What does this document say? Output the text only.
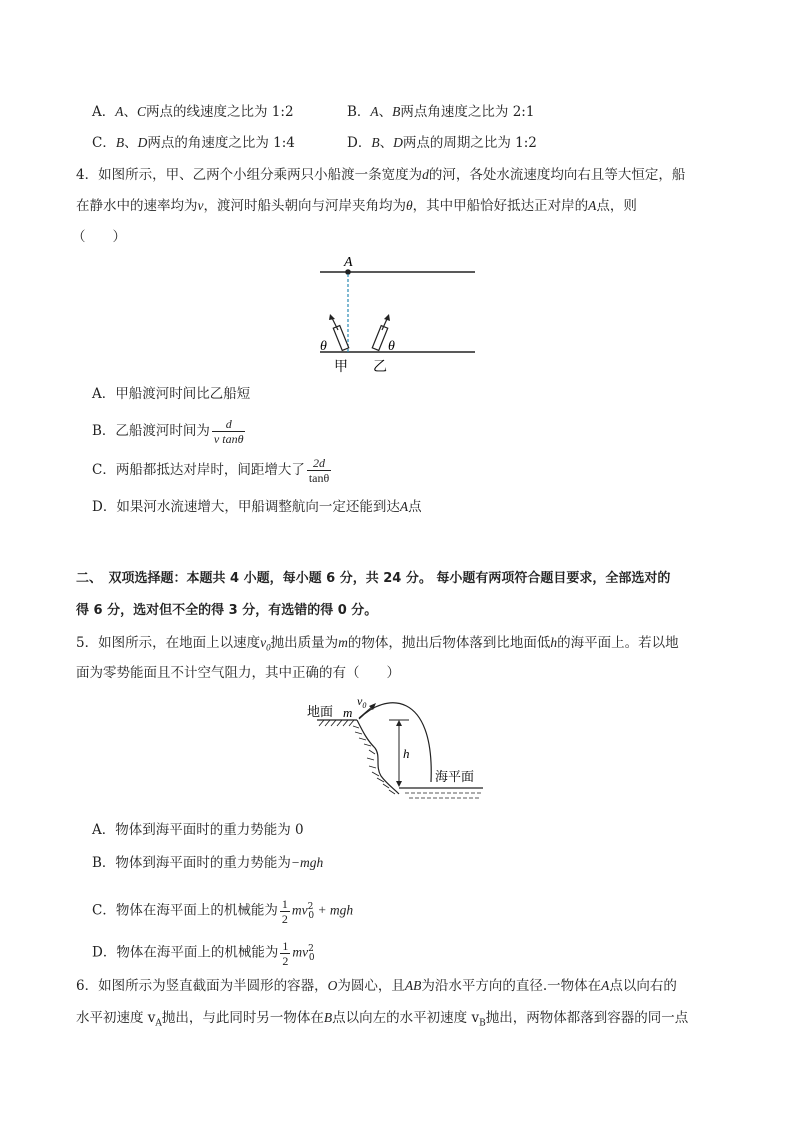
A．A、C两点的线速度之比为 1:2	B．A、B两点角速度之比为 2:1
C．B、D两点的角速度之比为 1:4	D．B、D两点的周期之比为 1:2
4．如图所示，甲、乙两个小组分乘两只小船渡一条宽度为d的河，各处水流速度均向右且等大恒定，船
在静水中的速率均为v，渡河时船头朝向与河岸夹角均为θ，其中甲船恰好抵达正对岸的A点，则
（　　）
A
θ	θ
甲 乙
A．甲船渡河时间比乙船短
B．乙船渡河时间为 $\frac{d}{\text{v tanθ}}$
C．两船都抵达对岸时，间距增大了 $\frac{2d}{\tan\theta}$
D．如果河水流速增大，甲船调整航向一定还能到达A点
二、　双项选择题：本题共 4 小题，每小题 6 分，共 24 分。 每小题有两项符合题目要求，全部选对的
得 6 分，选对但不全的得 3 分，有选错的得 0 分。
5．如图所示，在地面上以速度$v_0$抛出质量为m的物体，抛出后物体落到比地面低h的海平面上。若以地
面为零势能面且不计空气阻力，其中正确的有（　　）
地面 m
$v_0$
h
海平面
A．物体到海平面时的重力势能为 0
B．物体到海平面时的重力势能为−mgh
C．物体在海平面上的机械能为 $\frac{1}{2} mv^2_0$ + mgh
D．物体在海平面上的机械能为 $\frac{1}{2} mv^2_0$
6．如图所示为竖直截面为半圆形的容器，O为圆心，且AB为沿水平方向的直径.一物体在A点以向右的
水平初速度 $v_A$抛出，与此同时另一物体在B点以向左的水平初速度 $v_B$抛出，两物体都落到容器的同一点
